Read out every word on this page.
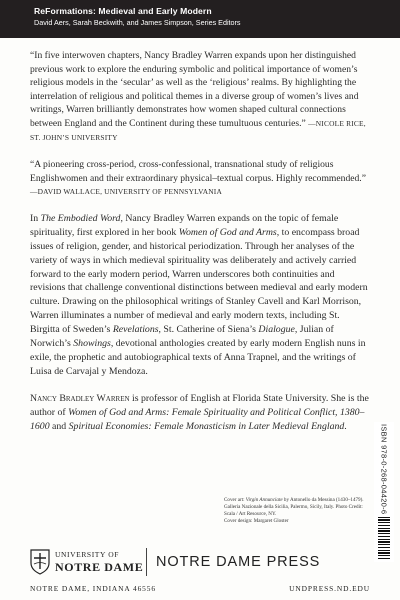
ReFormations: Medieval and Early Modern
David Aers, Sarah Beckwith, and James Simpson, Series Editors

“In five interwoven chapters, Nancy Bradley Warren expands upon her distinguished previous work to explore the enduring symbolic and political importance of women’s religious models in the ‘secular’ as well as the ‘religious’ realms. By highlighting the interrelation of religious and political themes in a diverse group of women’s lives and writings, Warren brilliantly demonstrates how women shaped cultural connections between England and the Continent during these tumultuous centuries.” —NICOLE RICE, ST. JOHN’S UNIVERSITY

“A pioneering cross-period, cross-confessional, transnational study of religious Englishwomen and their extraordinary physical–textual corpus. Highly recommended.” —DAVID WALLACE, UNIVERSITY OF PENNSYLVANIA

In The Embodied Word, Nancy Bradley Warren expands on the topic of female spirituality, first explored in her book Women of God and Arms, to encompass broad issues of religion, gender, and historical periodization. Through her analyses of the variety of ways in which medieval spirituality was deliberately and actively carried forward to the early modern period, Warren underscores both continuities and revisions that challenge conventional distinctions between medieval and early modern culture. Drawing on the philosophical writings of Stanley Cavell and Karl Morrison, Warren illuminates a number of medieval and early modern texts, including St. Birgitta of Sweden’s Revelations, St. Catherine of Siena’s Dialogue, Julian of Norwich’s Showings, devotional anthologies created by early modern English nuns in exile, the prophetic and autobiographical texts of Anna Trapnel, and the writings of Luisa de Carvajal y Mendoza.

Nancy Bradley Warren is professor of English at Florida State University. She is the author of Women of God and Arms: Female Spirituality and Political Conflict, 1380–1600 and Spiritual Economies: Female Monasticism in Later Medieval England.

Cover art: Virgin Annunciate by Antonello da Messina (1430–1479).
Galleria Nazionale della Sicilia, Palermo, Sicily, Italy. Photo Credit: Scala / Art Resource, NY.
Cover design: Margaret Gloster
ISBN 978-0-268-04420-6
UNIVERSITY OF
NOTRE DAME NOTRE DAME PRESS
NOTRE DAME, INDIANA 46556	UNDPRESS.ND.EDU
